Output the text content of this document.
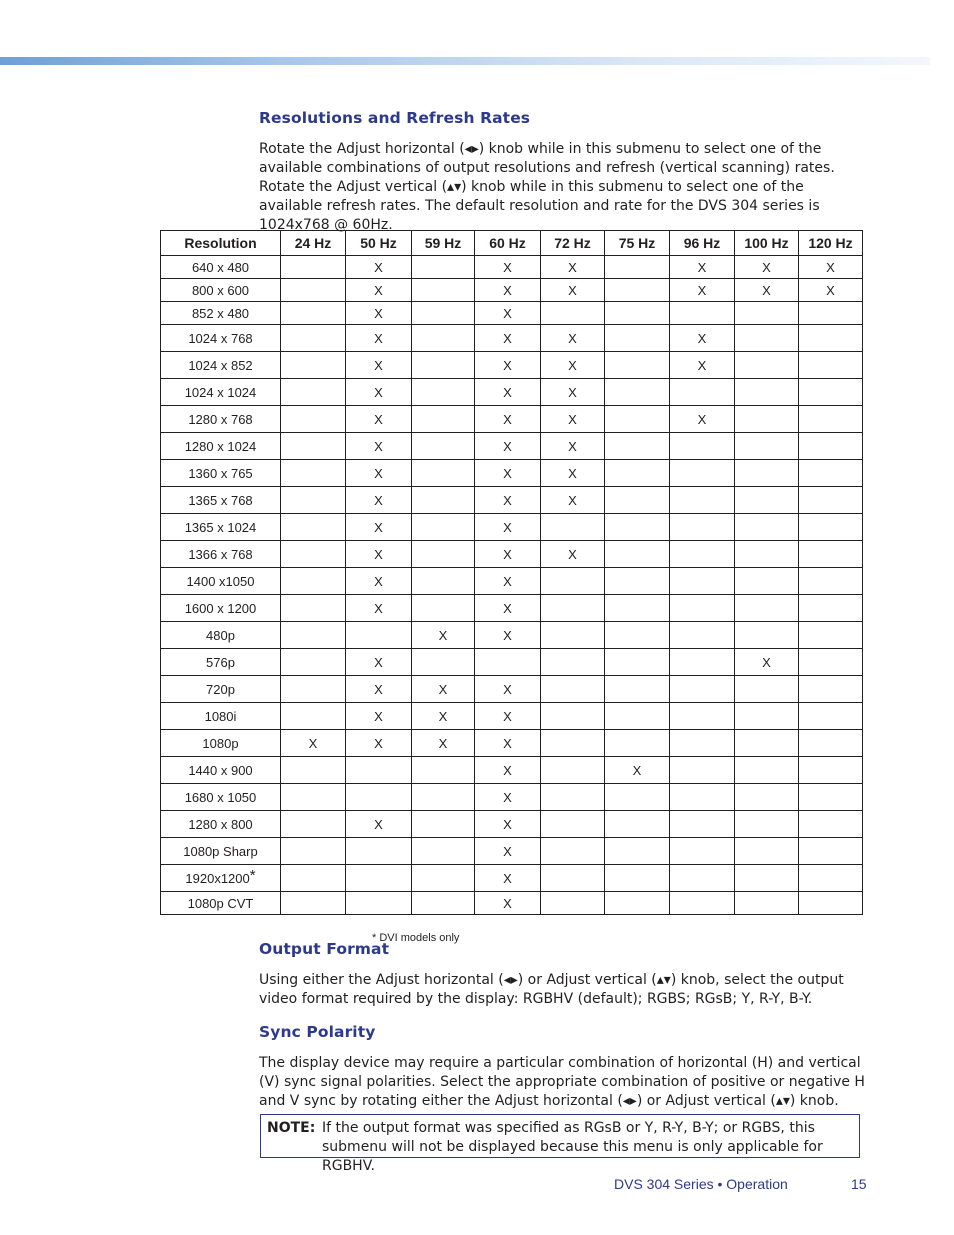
Resolutions and Refresh Rates

Rotate the Adjust horizontal (◂▸) knob while in this submenu to select one of the available combinations of output resolutions and refresh (vertical scanning) rates.

Rotate the Adjust vertical (▴▾) knob while in this submenu to select one of the available refresh rates. The default resolution and rate for the DVS 304 series is 1024x768 @ 60Hz.

Resolution	24 Hz	50 Hz	59 Hz	60 Hz	72 Hz	75 Hz	96 Hz	100 Hz	120 Hz
640 x 480		X		X	X		X	X	X
800 x 600		X		X	X		X	X	X
852 x 480		X		X					
1024 x 768		X		X	X		X		
1024 x 852		X		X	X		X		
1024 x 1024		X		X	X				
1280 x 768		X		X	X		X		
1280 x 1024		X		X	X				
1360 x 765		X		X	X				
1365 x 768		X		X	X				
1365 x 1024		X		X					
1366 x 768		X		X	X				
1400 x1050		X		X					
1600 x 1200		X		X					
480p			X	X					
576p		X						X	
720p		X	X	X					
1080i		X	X	X					
1080p	X	X	X	X					
1440 x 900				X		X			
1680 x 1050				X					
1280 x 800		X		X					
1080p Sharp				X					
1920x1200*				X					
1080p CVT				X					
* DVI models only
Output Format

Using either the Adjust horizontal (◂▸) or Adjust vertical (▴▾) knob, select the output video format required by the display: RGBHV (default); RGBS; RGsB; Y, R-Y, B-Y.

Sync Polarity

The display device may require a particular combination of horizontal (H) and vertical (V) sync signal polarities. Select the appropriate combination of positive or negative H and V sync by rotating either the Adjust horizontal (◂▸) or Adjust vertical (▴▾) knob.

NOTE: If the output format was specified as RGsB or Y, R-Y, B-Y; or RGBS, this submenu will not be displayed because this menu is only applicable for RGBHV.
DVS 304 Series • Operation	15
